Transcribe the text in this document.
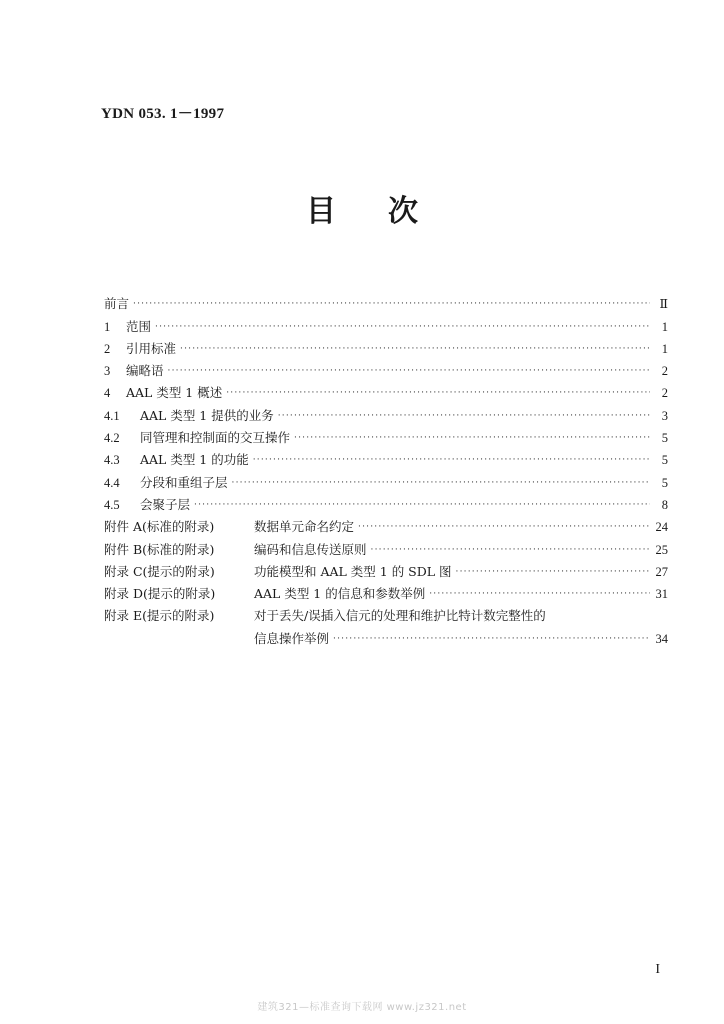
YDN 053. 1－1997
目 次
前言 ·····	Ⅱ
1	范围 ·····	1
2	引用标准 ·····	1
3	编略语 ·····	2
4	AAL 类型 1 概述 ·····	2
4.1	AAL 类型 1 提供的业务 ·····	3
4.2	同管理和控制面的交互操作 ·····	5
4.3	AAL 类型 1 的功能 ·····	5
4.4	分段和重组子层 ·····	5
4.5	会聚子层 ·····	8
附件 A(标准的附录)	数据单元命名约定 ·····	24
附件 B(标准的附录)	编码和信息传送原则 ·····	25
附录 C(提示的附录)	功能模型和 AAL 类型 1 的 SDL 图 ·····	27
附录 D(提示的附录)	AAL 类型 1 的信息和参数举例 ·····	31
附录 E(提示的附录)	对于丢失/误插入信元的处理和维护比特计数完整性的
信息操作举例 ·····	34
I
建筑321—标准查询下载网 www.jz321.net
